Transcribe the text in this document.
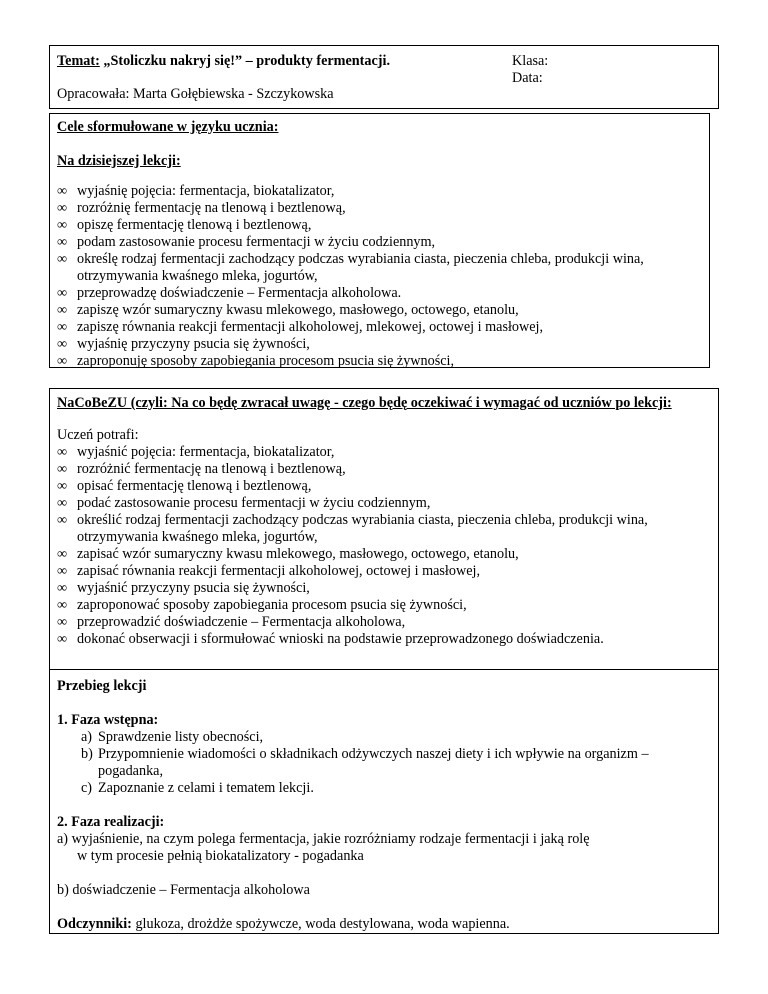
Temat: „Stoliczku nakryj się!” – produkty fermentacji.
Opracowała: Marta Gołębiewska - Szczykowska
Klasa:
Data:

Cele sformułowane w języku ucznia:

Na dzisiejszej lekcji:

∞ wyjaśnię pojęcia: fermentacja, biokatalizator,
∞ rozróżnię fermentację na tlenową i beztlenową,
∞ opiszę fermentację tlenową i beztlenową,
∞ podam zastosowanie procesu fermentacji w życiu codziennym,
∞ określę rodzaj fermentacji zachodzący podczas wyrabiania ciasta, pieczenia chleba, produkcji wina, otrzymywania kwaśnego mleka, jogurtów,
∞ przeprowadzę doświadczenie – Fermentacja alkoholowa.
∞ zapiszę wzór sumaryczny kwasu mlekowego, masłowego, octowego, etanolu,
∞ zapiszę równania reakcji fermentacji alkoholowej, mlekowej, octowej i masłowej,
∞ wyjaśnię przyczyny psucia się żywności,
∞ zaproponuję sposoby zapobiegania procesom psucia się żywności,

NaCoBeZU (czyli: Na co będę zwracał uwagę - czego będę oczekiwać i wymagać od uczniów po lekcji:

Uczeń potrafi:

∞ wyjaśnić pojęcia: fermentacja, biokatalizator,
∞ rozróżnić fermentację na tlenową i beztlenową,
∞ opisać fermentację tlenową i beztlenową,
∞ podać zastosowanie procesu fermentacji w życiu codziennym,
∞ określić rodzaj fermentacji zachodzący podczas wyrabiania ciasta, pieczenia chleba, produkcji wina, otrzymywania kwaśnego mleka, jogurtów,
∞ zapisać wzór sumaryczny kwasu mlekowego, masłowego, octowego, etanolu,
∞ zapisać równania reakcji fermentacji alkoholowej, octowej i masłowej,
∞ wyjaśnić przyczyny psucia się żywności,
∞ zaproponować sposoby zapobiegania procesom psucia się żywności,
∞ przeprowadzić doświadczenie – Fermentacja alkoholowa,
∞ dokonać obserwacji i sformułować wnioski na podstawie przeprowadzonego doświadczenia.

Przebieg lekcji

1. Faza wstępna:

a) Sprawdzenie listy obecności,
b) Przypomnienie wiadomości o składnikach odżywczych naszej diety i ich wpływie na organizm – pogadanka,
c) Zapoznanie z celami i tematem lekcji.

2. Faza realizacji:

a) wyjaśnienie, na czym polega fermentacja, jakie rozróżniamy rodzaje fermentacji i jaką rolę

w tym procesie pełnią biokatalizatory - pogadanka

b) doświadczenie – Fermentacja alkoholowa

Odczynniki: glukoza, drożdże spożywcze, woda destylowana, woda wapienna.
